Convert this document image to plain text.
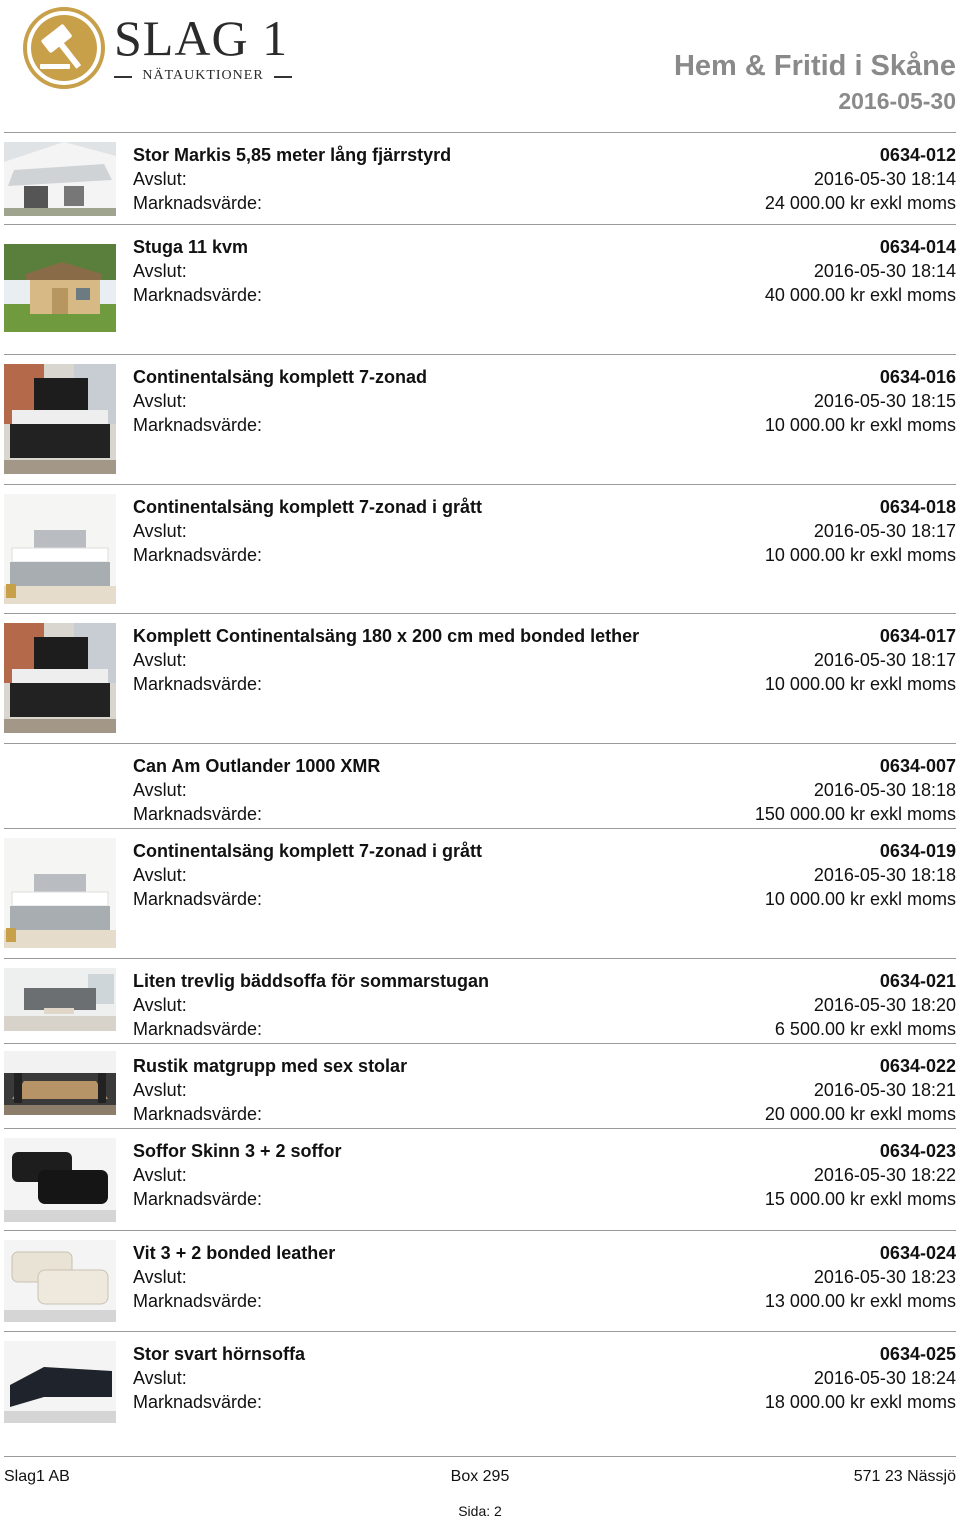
SLAG 1
NÄTAUKTIONER	Hem & Fritid i Skåne
2016-05-30
Stor Markis 5,85 meter lång fjärrstyrd	0634-012
Avslut:	2016-05-30 18:14
Marknadsvärde:	24 000.00 kr exkl moms
Stuga 11 kvm	0634-014
Avslut:	2016-05-30 18:14
Marknadsvärde:	40 000.00 kr exkl moms
Continentalsäng komplett 7-zonad	0634-016
Avslut:	2016-05-30 18:15
Marknadsvärde:	10 000.00 kr exkl moms
Continentalsäng komplett 7-zonad i grått	0634-018
Avslut:	2016-05-30 18:17
Marknadsvärde:	10 000.00 kr exkl moms
Komplett Continentalsäng 180 x 200 cm med bonded lether	0634-017
Avslut:	2016-05-30 18:17
Marknadsvärde:	10 000.00 kr exkl moms
Can Am Outlander 1000 XMR	0634-007
Avslut:	2016-05-30 18:18
Marknadsvärde:	150 000.00 kr exkl moms
Continentalsäng komplett 7-zonad i grått	0634-019
Avslut:	2016-05-30 18:18
Marknadsvärde:	10 000.00 kr exkl moms
Liten trevlig bäddsoffa för sommarstugan	0634-021
Avslut:	2016-05-30 18:20
Marknadsvärde:	6 500.00 kr exkl moms
Rustik matgrupp med sex stolar	0634-022
Avslut:	2016-05-30 18:21
Marknadsvärde:	20 000.00 kr exkl moms
Soffor Skinn 3 + 2 soffor	0634-023
Avslut:	2016-05-30 18:22
Marknadsvärde:	15 000.00 kr exkl moms
Vit 3 + 2 bonded leather	0634-024
Avslut:	2016-05-30 18:23
Marknadsvärde:	13 000.00 kr exkl moms
Stor svart hörnsoffa	0634-025
Avslut:	2016-05-30 18:24
Marknadsvärde:	18 000.00 kr exkl moms
Slag1 AB	Box 295	571 23 Nässjö
Sida: 2
